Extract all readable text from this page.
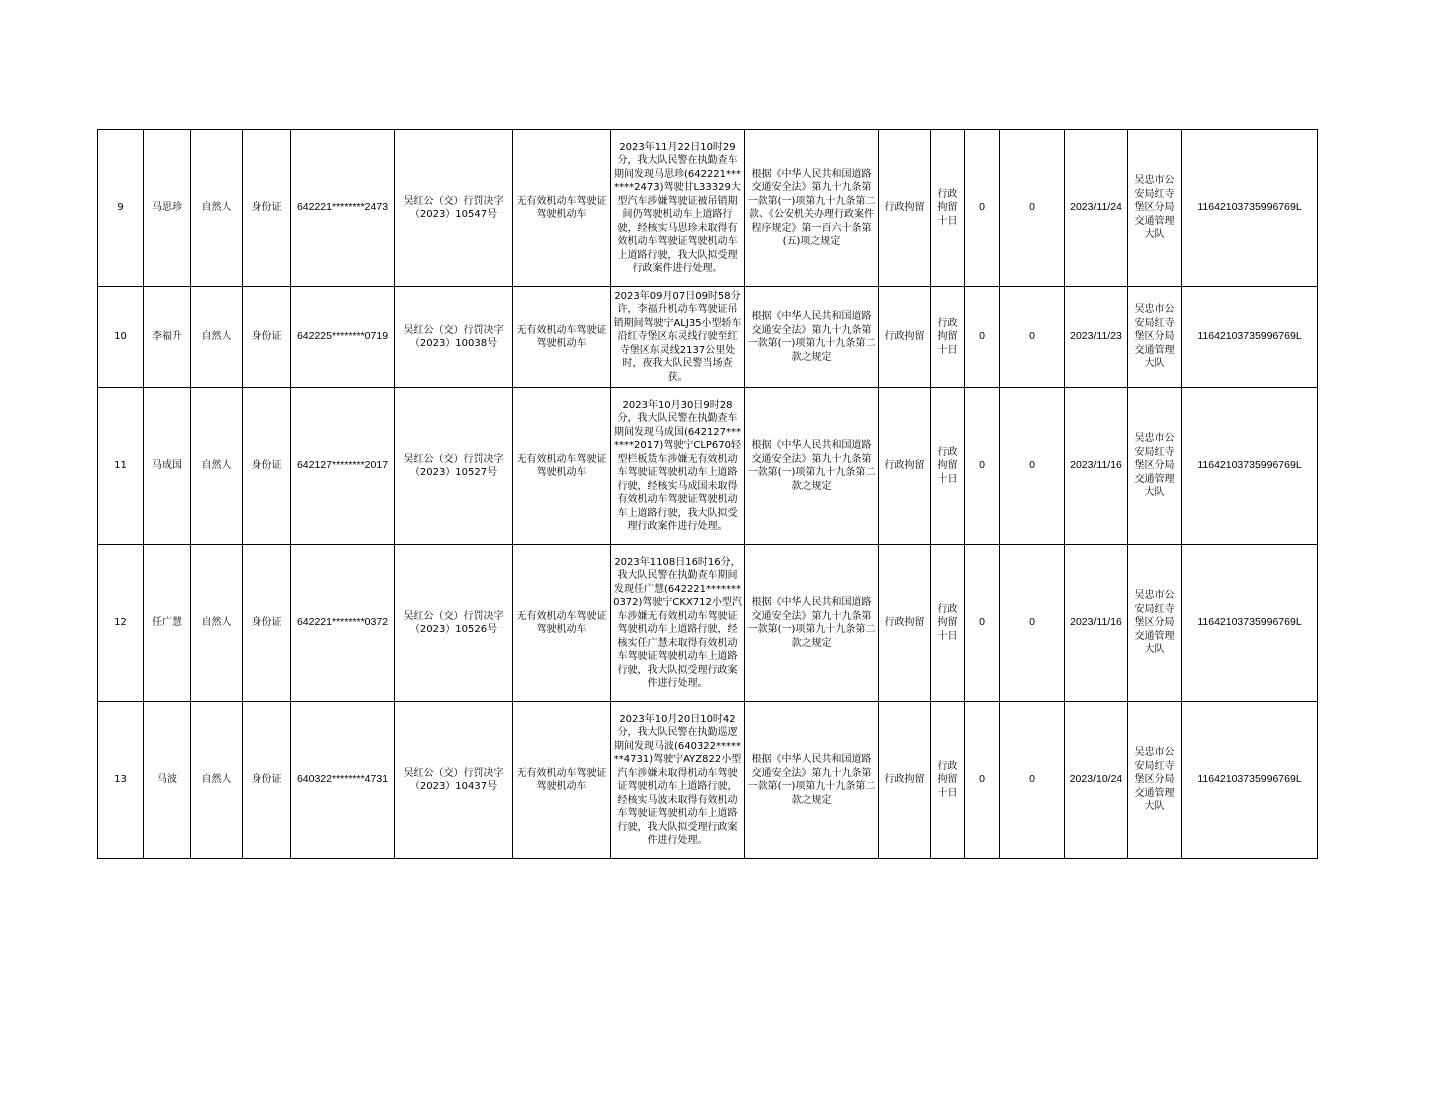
9	马思珍	自然人	身份证	642221********2473	吴红公（交）行罚决字（2023）10547号	无有效机动车驾驶证驾驶机动车	2023年11月22日10时29分，我大队民警在执勤查车期间发现马思珍(642221*******2473)驾驶甘L33329大型汽车涉嫌驾驶证被吊销期间仍驾驶机动车上道路行驶，经核实马思珍未取得有效机动车驾驶证驾驶机动车上道路行驶，我大队拟受理行政案件进行处理。	根据《中华人民共和国道路交通安全法》第九十九条第一款第(一)项第九十九条第二款、《公安机关办理行政案件程序规定》第一百六十条第(五)项之规定	行政拘留	行政拘留十日	0	0	2023/11/24	吴忠市公安局红寺堡区分局交通管理大队	11642103735996769L
10	李福升	自然人	身份证	642225********0719	吴红公（交）行罚决字（2023）10038号	无有效机动车驾驶证驾驶机动车	2023年09月07日09时58分许，李福升机动车驾驶证吊销期间驾驶宁ALJ35小型轿车沿红寺堡区东灵线行驶至红寺堡区东灵线2137公里处时，夜我大队民警当场查获。	根据《中华人民共和国道路交通安全法》第九十九条第一款第(一)项第九十九条第二款之规定	行政拘留	行政拘留十日	0	0	2023/11/23	吴忠市公安局红寺堡区分局交通管理大队	11642103735996769L
11	马成国	自然人	身份证	642127********2017	吴红公（交）行罚决字（2023）10527号	无有效机动车驾驶证驾驶机动车	2023年10月30日9时28分，我大队民警在执勤查车期间发现马成国(642127*******2017)驾驶宁CLP670轻型栏板货车涉嫌无有效机动车驾驶证驾驶机动车上道路行驶，经核实马成国未取得有效机动车驾驶证驾驶机动车上道路行驶，我大队拟受理行政案件进行处理。	根据《中华人民共和国道路交通安全法》第九十九条第一款第(一)项第九十九条第二款之规定	行政拘留	行政拘留十日	0	0	2023/11/16	吴忠市公安局红寺堡区分局交通管理大队	11642103735996769L
12	任广慧	自然人	身份证	642221********0372	吴红公（交）行罚决字（2023）10526号	无有效机动车驾驶证驾驶机动车	2023年1108日16时16分，我大队民警在执勤查车期间发现任广慧(642221*******0372)驾驶宁CKX712小型汽车涉嫌无有效机动车驾驶证驾驶机动车上道路行驶，经核实任广慧未取得有效机动车驾驶证驾驶机动车上道路行驶，我大队拟受理行政案件进行处理。	根据《中华人民共和国道路交通安全法》第九十九条第一款第(一)项第九十九条第二款之规定	行政拘留	行政拘留十日	0	0	2023/11/16	吴忠市公安局红寺堡区分局交通管理大队	11642103735996769L
13	马波	自然人	身份证	640322********4731	吴红公（交）行罚决字（2023）10437号	无有效机动车驾驶证驾驶机动车	2023年10月20日10时42分，我大队民警在执勤巡逻期间发现马波(640322*******4731)驾驶宁AYZ822小型汽车涉嫌未取得机动车驾驶证驾驶机动车上道路行驶，经核实马波未取得有效机动车驾驶证驾驶机动车上道路行驶，我大队拟受理行政案件进行处理。	根据《中华人民共和国道路交通安全法》第九十九条第一款第(一)项第九十九条第二款之规定	行政拘留	行政拘留十日	0	0	2023/10/24	吴忠市公安局红寺堡区分局交通管理大队	11642103735996769L
